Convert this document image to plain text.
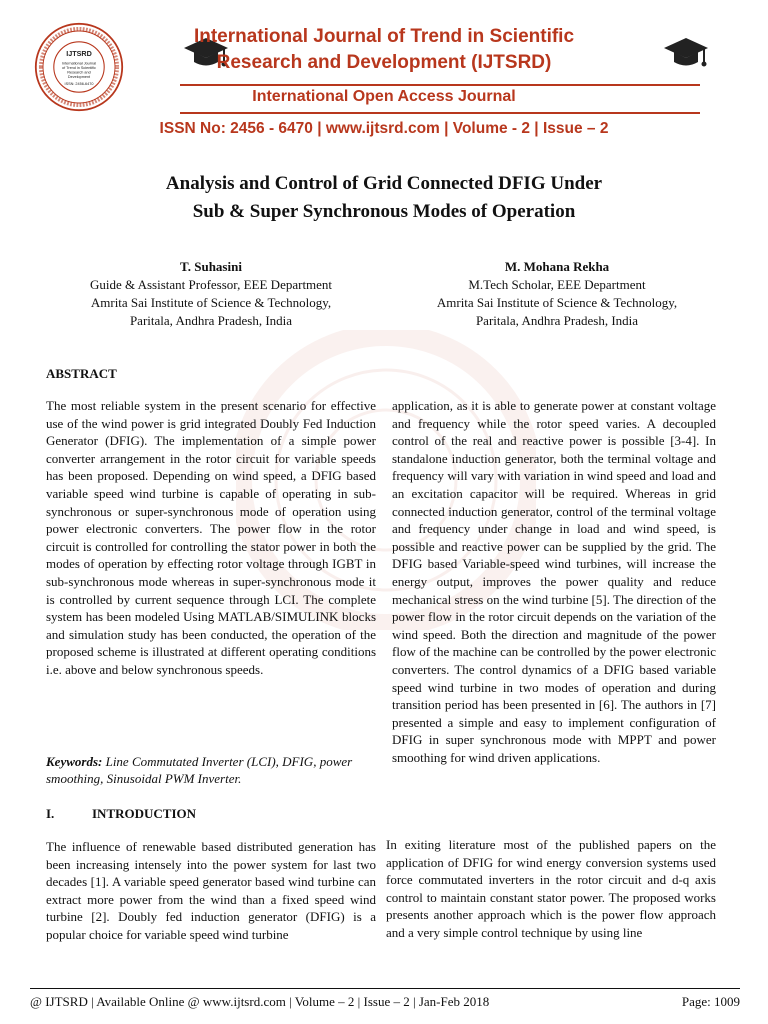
IJTSRD
International Journal
of Trend in Scientific
Research and
Development
ISSN: 2456-6470
International Journal of Trend in Scientific
Research and Development (IJTSRD)
International Open Access Journal
ISSN No: 2456 - 6470 | www.ijtsrd.com | Volume - 2 | Issue – 2
Analysis and Control of Grid Connected DFIG Under
Sub & Super Synchronous Modes of Operation
T. Suhasini
Guide & Assistant Professor, EEE Department
Amrita Sai Institute of Science & Technology,
Paritala, Andhra Pradesh, India
M. Mohana Rekha
M.Tech Scholar, EEE Department
Amrita Sai Institute of Science & Technology,
Paritala, Andhra Pradesh, India
ABSTRACT

The most reliable system in the present scenario for effective use of the wind power is grid integrated Doubly Fed Induction Generator (DFIG). The implementation of a simple power converter arrangement in the rotor circuit for variable speeds has been proposed. Depending on wind speed, a DFIG based variable speed wind turbine is capable of operating in sub-synchronous or super-synchronous mode of operation using power electronic converters. The power flow in the rotor circuit is controlled for controlling the stator power in both the modes of operation by effecting rotor voltage through IGBT in sub-synchronous mode whereas in super-synchronous mode it is controlled by current sequence through LCI. The complete system has been modeled Using MATLAB/SIMULINK blocks and simulation study has been conducted, the operation of the proposed scheme is illustrated at different operating conditions i.e. above and below synchronous speeds.

Keywords: Line Commutated Inverter (LCI), DFIG, power smoothing, Sinusoidal PWM Inverter.
I.	INTRODUCTION

The influence of renewable based distributed generation has been increasing intensely into the power system for last two decades [1]. A variable speed generator based wind turbine can extract more power from the wind than a fixed speed wind turbine [2]. Doubly fed induction generator (DFIG) is a popular choice for variable speed wind turbine

application, as it is able to generate power at constant voltage and frequency while the rotor speed varies. A decoupled control of the real and reactive power is possible [3-4]. In standalone induction generator, both the terminal voltage and frequency will vary with variation in wind speed and load and an excitation capacitor will be required. Whereas in grid connected induction generator, control of the terminal voltage and frequency under change in load and wind speed, is possible and reactive power can be supplied by the grid. The DFIG based Variable-speed wind turbines, will increase the energy output, improves the power quality and reduce mechanical stress on the wind turbine [5]. The direction of the power flow in the rotor circuit depends on the variation of the wind speed. Both the direction and magnitude of the power flow of the machine can be controlled by the power electronic converters. The control dynamics of a DFIG based variable speed wind turbine in two modes of operation and during transition period has been presented in [6]. The authors in [7] presented a simple and easy to implement configuration of DFIG in super synchronous mode with MPPT and power smoothing for wind driven applications.

In exiting literature most of the published papers on the application of DFIG for wind energy conversion systems used force commutated inverters in the rotor circuit and d-q axis control to maintain constant stator power. The proposed works presents another approach which is the power flow approach and a very simple control technique by using line

@ IJTSRD | Available Online @ www.ijtsrd.com | Volume – 2 | Issue – 2 | Jan-Feb 2018	Page: 1009
